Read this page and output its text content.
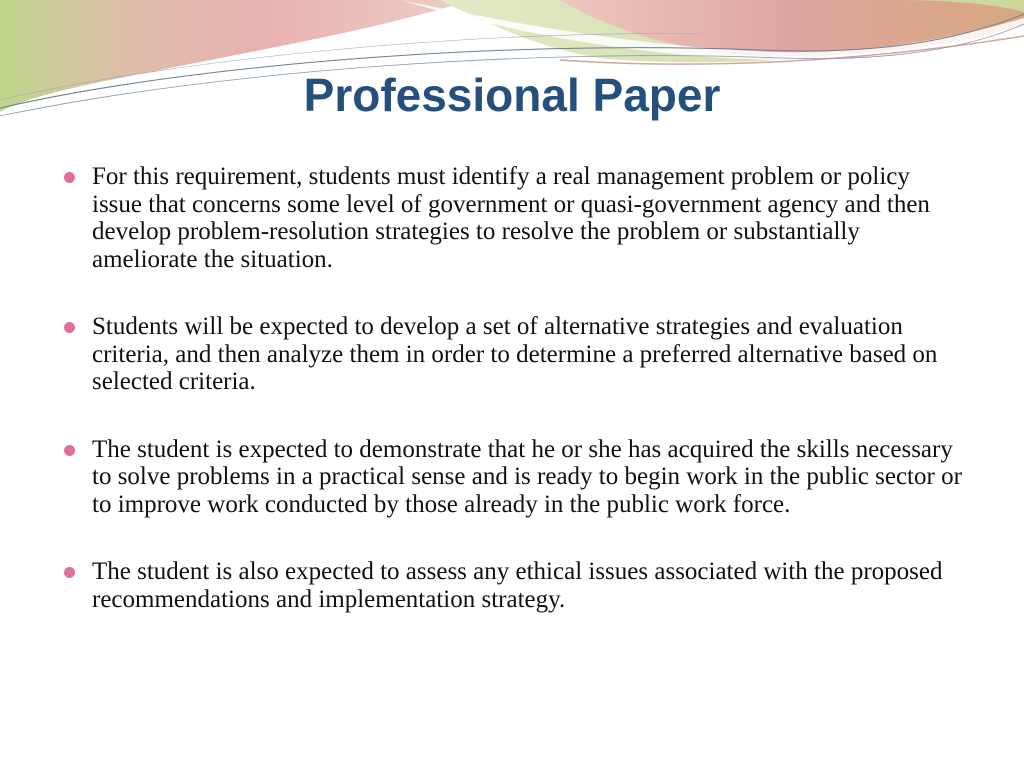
Professional Paper
For this requirement, students must identify a real management problem or policy issue that concerns some level of government or quasi-government agency and then develop problem-resolution strategies to resolve the problem or substantially ameliorate the situation.
Students will be expected to develop a set of alternative strategies and evaluation criteria, and then analyze them in order to determine a preferred alternative based on selected criteria.
The student is expected to demonstrate that he or she has acquired the skills necessary to solve problems in a practical sense and is ready to begin work in the public sector or to improve work conducted by those already in the public work force.
The student is also expected to assess any ethical issues associated with the proposed recommendations and implementation strategy.
